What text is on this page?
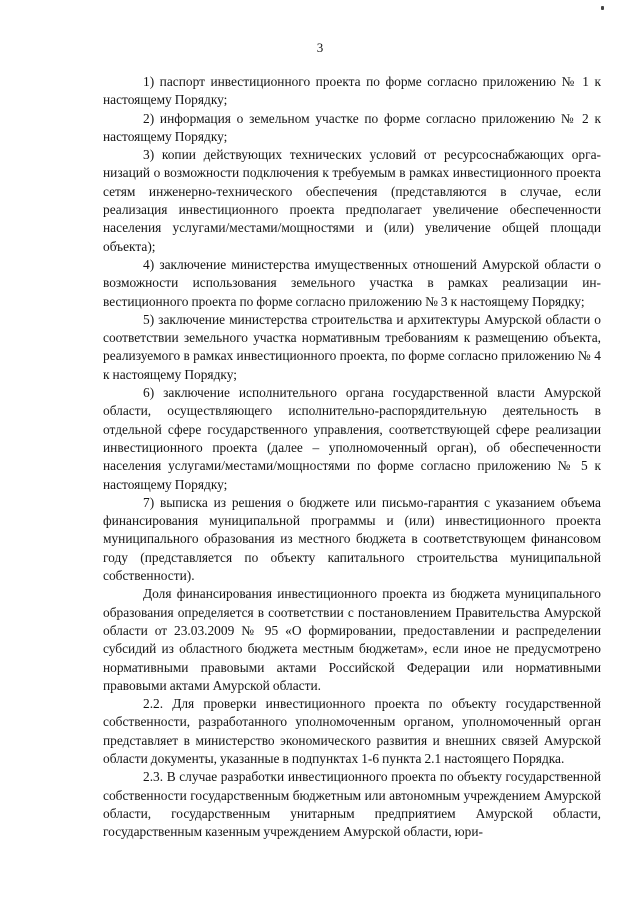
3

1) паспорт инвестиционного проекта по форме согласно приложению № 1 к настоящему Порядку;

2) информация о земельном участке по форме согласно приложению № 2 к настоящему Порядку;

3) копии действующих технических условий от ресурсоснабжающих организаций о возможности подключения к требуемым в рамках инвестиционного проекта сетям инженерно-технического обеспечения (представляются в случае, если реализация инвестиционного проекта предполагает увеличение обеспеченности населения услугами/местами/мощностями и (или) увеличение общей площади объекта);

4) заключение министерства имущественных отношений Амурской области о возможности использования земельного участка в рамках реализации инвестиционного проекта по форме согласно приложению № 3 к настоящему Порядку;

5) заключение министерства строительства и архитектуры Амурской области о соответствии земельного участка нормативным требованиям к размещению объекта, реализуемого в рамках инвестиционного проекта, по форме согласно приложению № 4 к настоящему Порядку;

6) заключение исполнительного органа государственной власти Амурской области, осуществляющего исполнительно-распорядительную деятельность в отдельной сфере государственного управления, соответствующей сфере реализации инвестиционного проекта (далее – уполномоченный орган), об обеспеченности населения услугами/местами/мощностями по форме согласно приложению № 5 к настоящему Порядку;

7) выписка из решения о бюджете или письмо-гарантия с указанием объема финансирования муниципальной программы и (или) инвестиционного проекта муниципального образования из местного бюджета в соответствующем финансовом году (представляется по объекту капитального строительства муниципальной собственности).

Доля финансирования инвестиционного проекта из бюджета муниципального образования определяется в соответствии с постановлением Правительства Амурской области от 23.03.2009 № 95 «О формировании, предоставлении и распределении субсидий из областного бюджета местным бюджетам», если иное не предусмотрено нормативными правовыми актами Российской Федерации или нормативными правовыми актами Амурской области.

2.2. Для проверки инвестиционного проекта по объекту государственной собственности, разработанного уполномоченным органом, уполномоченный орган представляет в министерство экономического развития и внешних связей Амурской области документы, указанные в подпунктах 1-6 пункта 2.1 настоящего Порядка.

2.3. В случае разработки инвестиционного проекта по объекту государственной собственности государственным бюджетным или автономным учреждением Амурской области, государственным унитарным предприятием Амурской области, государственным казенным учреждением Амурской области, юри-
